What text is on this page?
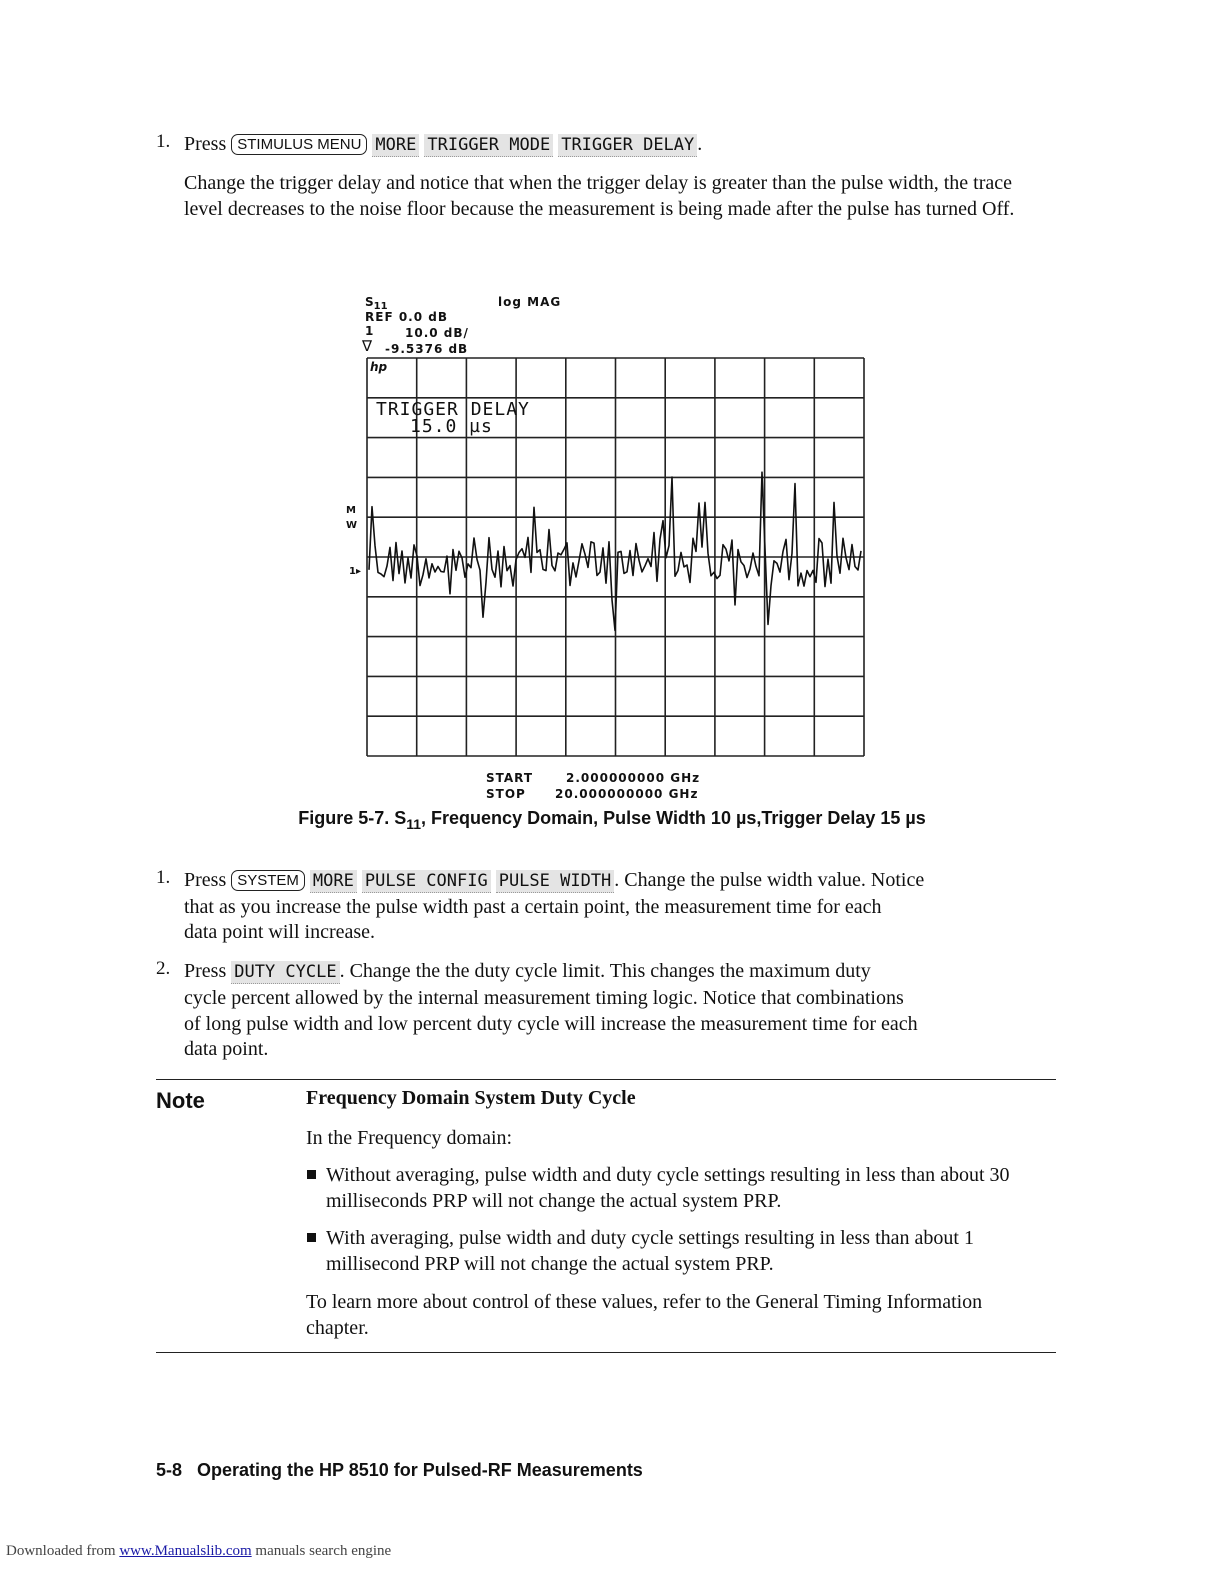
1. Press STIMULUS MENU MORE TRIGGER MODE TRIGGER DELAY .
Change the trigger delay and notice that when the trigger delay is greater than the pulse width, the trace level decreases to the noise floor because the measurement is being made after the pulse has turned Off.
$S_{11}$	log MAG
REF 0.0 dB
1	10.0 dB/
∇ -9.5376 dB
M
W
1▸
hp
TRIGGER DELAY
15.0 µs
START	2.000000000 GHz
STOP 20.000000000 GHz
Figure 5-7. $S_{11}$, Frequency Domain, Pulse Width 10 µs,Trigger Delay 15 µs
1. Press SYSTEM MORE PULSE CONFIG PULSE WIDTH . Change the pulse width value. Notice
that as you increase the pulse width past a certain point, the measurement time for each
data point will increase.
2. Press DUTY CYCLE . Change the the duty cycle limit. This changes the maximum duty
cycle percent allowed by the internal measurement timing logic. Notice that combinations
of long pulse width and low percent duty cycle will increase the measurement time for each
data point.
Note	Frequency Domain System Duty Cycle
In the Frequency domain:
Without averaging, pulse width and duty cycle settings resulting in less than about 30 milliseconds PRP will not change the actual system PRP.
With averaging, pulse width and duty cycle settings resulting in less than about 1 millisecond PRP will not change the actual system PRP.
To learn more about control of these values, refer to the General Timing Information chapter.
5-8 Operating the HP 8510 for Pulsed-RF Measurements
Downloaded from www.Manualslib.com manuals search engine
